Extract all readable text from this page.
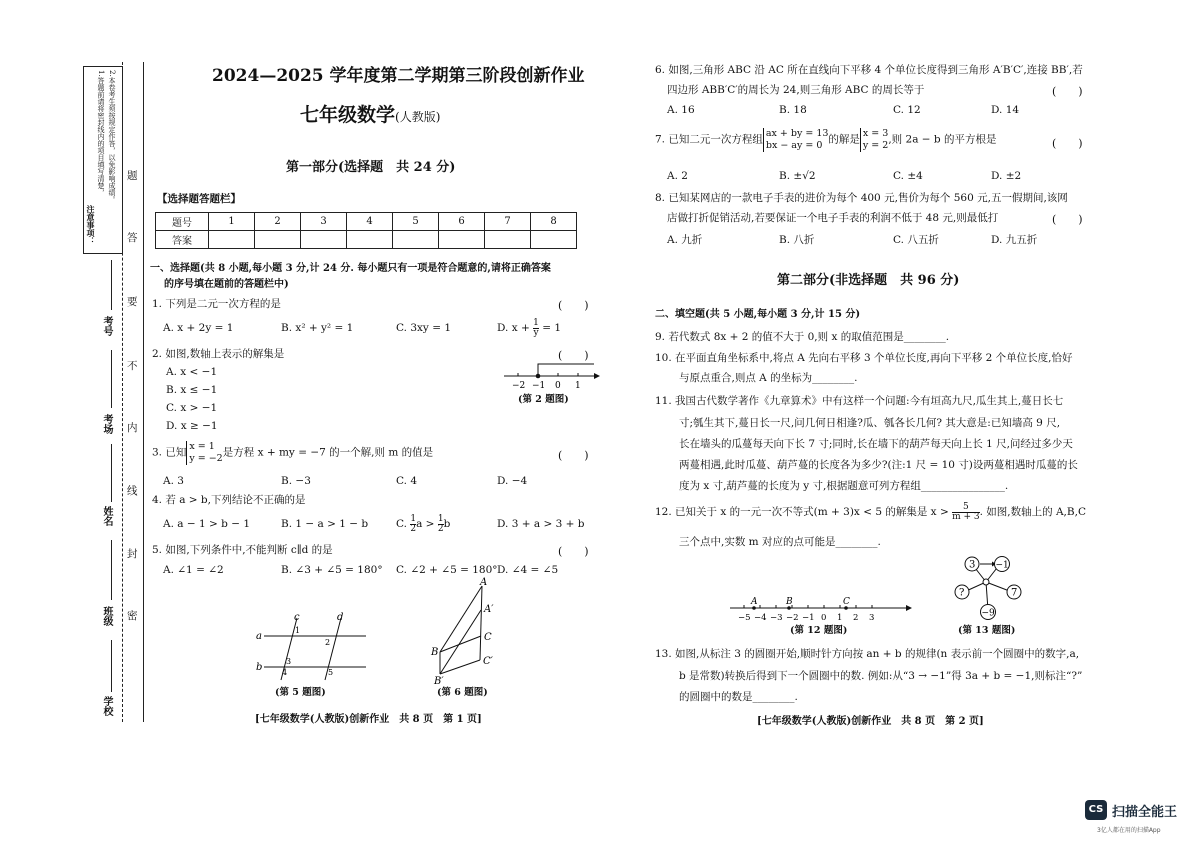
注意事项：
1.答题前请将密封线内的项目填写清楚， 2.本卷考生须按规定作答，以免影响成绩。 题
答
要
不
内
线
封
密
考号
考场
姓名
班级
学校
2024—2025 学年度第二学期第三阶段创新作业
七年级数学(人教版)
第一部分(选择题　共 24 分)
【选择题答题栏】
题号	1	2	3	4	5	6	7	8
答案								
一、选择题(共 8 小题,每小题 3 分,计 24 分. 每小题只有一项是符合题意的,请将正确答案
的序号填在题前的答题栏中)
1. 下列是二元一次方程的是	(　　)
A. x + 2y = 1	B. x² + y² = 1	C. 3xy = 1	D. $x + \frac{1}{y} = 1$
2. 如图,数轴上表示的解集是	(　　)
A. x < −1
B. x ≤ −1
C. x > −1
D. x ≥ −1
−2 −1 0 1
(第 2 题图)
3. 已知 x = 1
y = −2 是方程 x + my = −7 的一个解,则 m 的值是	(　　)
A. 3	B. −3	C. 4	D. −4
4. 若 a > b,下列结论不正确的是
A. a − 1 > b − 1	B. 1 − a > 1 − b	C. $\frac{1}{2}$ $a > \frac{1}{2}$ b	D. 3 + a > 3 + b
5. 如图,下列条件中,不能判断 c∥d 的是	(　　)
A. ∠1 = ∠2	B. ∠3 + ∠5 = 180° C. ∠2 + ∠5 = 180° D. ∠4 = ∠5
a
b
c	d
1
2
3
4	5
(第 5 题图)
A
A′
C
C′
B
B′
(第 6 题图)
[七年级数学(人教版)创新作业　共 8 页　第 1 页]
6. 如图,三角形 ABC 沿 AC 所在直线向下平移 4 个单位长度得到三角形 A′B′C′,连接 BB′,若
四边形 ABB′C′的周长为 24,则三角形 ABC 的周长等于	(　　)
A. 16	B. 18	C. 12	D. 14
7. 已知二元一次方程组 ax + by = 13
bx − ay = 0 的解是 x = 3
y = 2 ,则 2a − b 的平方根是	(　　)
A. 2	B. ±√2	C. ±4	D. ±2
8. 已知某网店的一款电子手表的进价为每个 400 元,售价为每个 560 元,五一假期间,该网
店做打折促销活动,若要保证一个电子手表的利润不低于 48 元,则最低打	(　　)
A. 九折	B. 八折	C. 八五折	D. 九五折
第二部分(非选择题　共 96 分)
二、填空题(共 5 小题,每小题 3 分,计 15 分)
9. 若代数式 8x + 2 的值不大于 0,则 x 的取值范围是________.
10. 在平面直角坐标系中,将点 A 先向右平移 3 个单位长度,再向下平移 2 个单位长度,恰好
与原点重合,则点 A 的坐标为________.
11. 我国古代数学著作《九章算术》中有这样一个问题:今有垣高九尺,瓜生其上,蔓日长七
寸;瓠生其下,蔓日长一尺,问几何日相逢?瓜、瓠各长几何? 其大意是:已知墙高 9 尺,
长在墙头的瓜蔓每天向下长 7 寸;同时,长在墙下的葫芦每天向上长 1 尺,问经过多少天
两蔓相遇,此时瓜蔓、葫芦蔓的长度各为多少?(注:1 尺 = 10 寸)设两蔓相遇时瓜蔓的长
度为 x 寸,葫芦蔓的长度为 y 寸,根据题意可列方程组________________.
12. 已知关于 x 的一元一次不等式(m + 3)x < 5 的解集是 $x > \frac{5}{m + 3}$ . 如图,数轴上的 A,B,C
三个点中,实数 m 对应的点可能是________.
A	B	C
−5 −4 −3 −2 −1 0 1 2 3
(第 12 题图)
3 −1
?	7
−9
(第 13 题图)
13. 如图,从标注 3 的圆圈开始,顺时针方向按 an + b 的规律(n 表示前一个圆圈中的数字,a,
b 是常数)转换后得到下一个圆圈中的数. 例如:从“3 → −1”得 3a + b = −1,则标注“?”
的圆圈中的数是________.
[七年级数学(人教版)创新作业　共 8 页　第 2 页]
CS 扫描全能王
3亿人都在用的扫描App
